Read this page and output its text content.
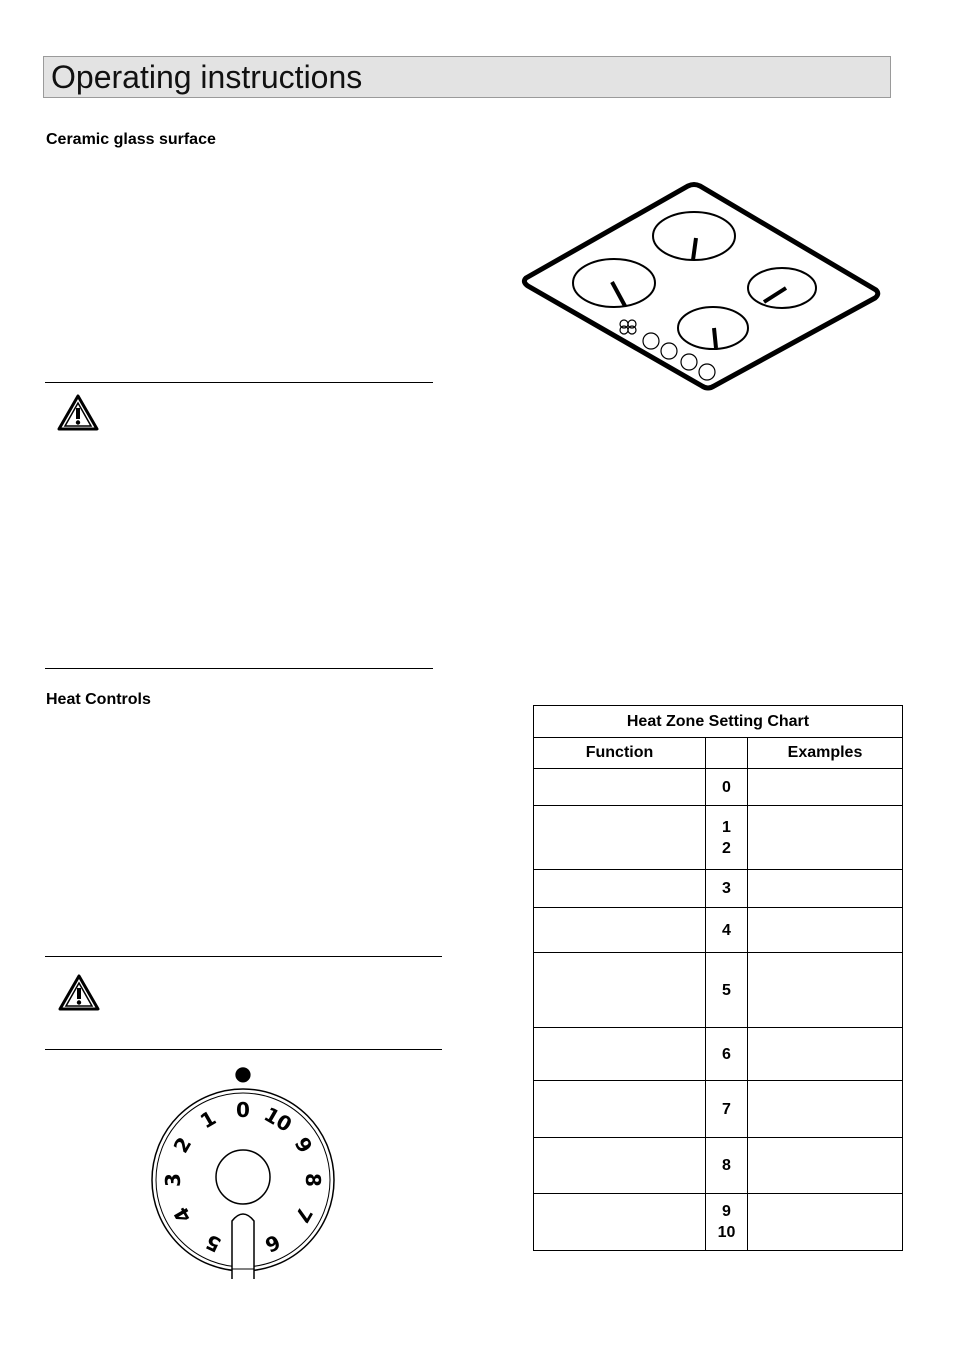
Operating instructions
Ceramic glass surface
Heat Controls
●
0
1
2
3
4
5 6
7
8
9
10
Heat Zone Setting Chart		
Function		Examples

	0	

	1
2	

	3	

	4	

	5	

	6	

	7	

	8	

	9
10	
